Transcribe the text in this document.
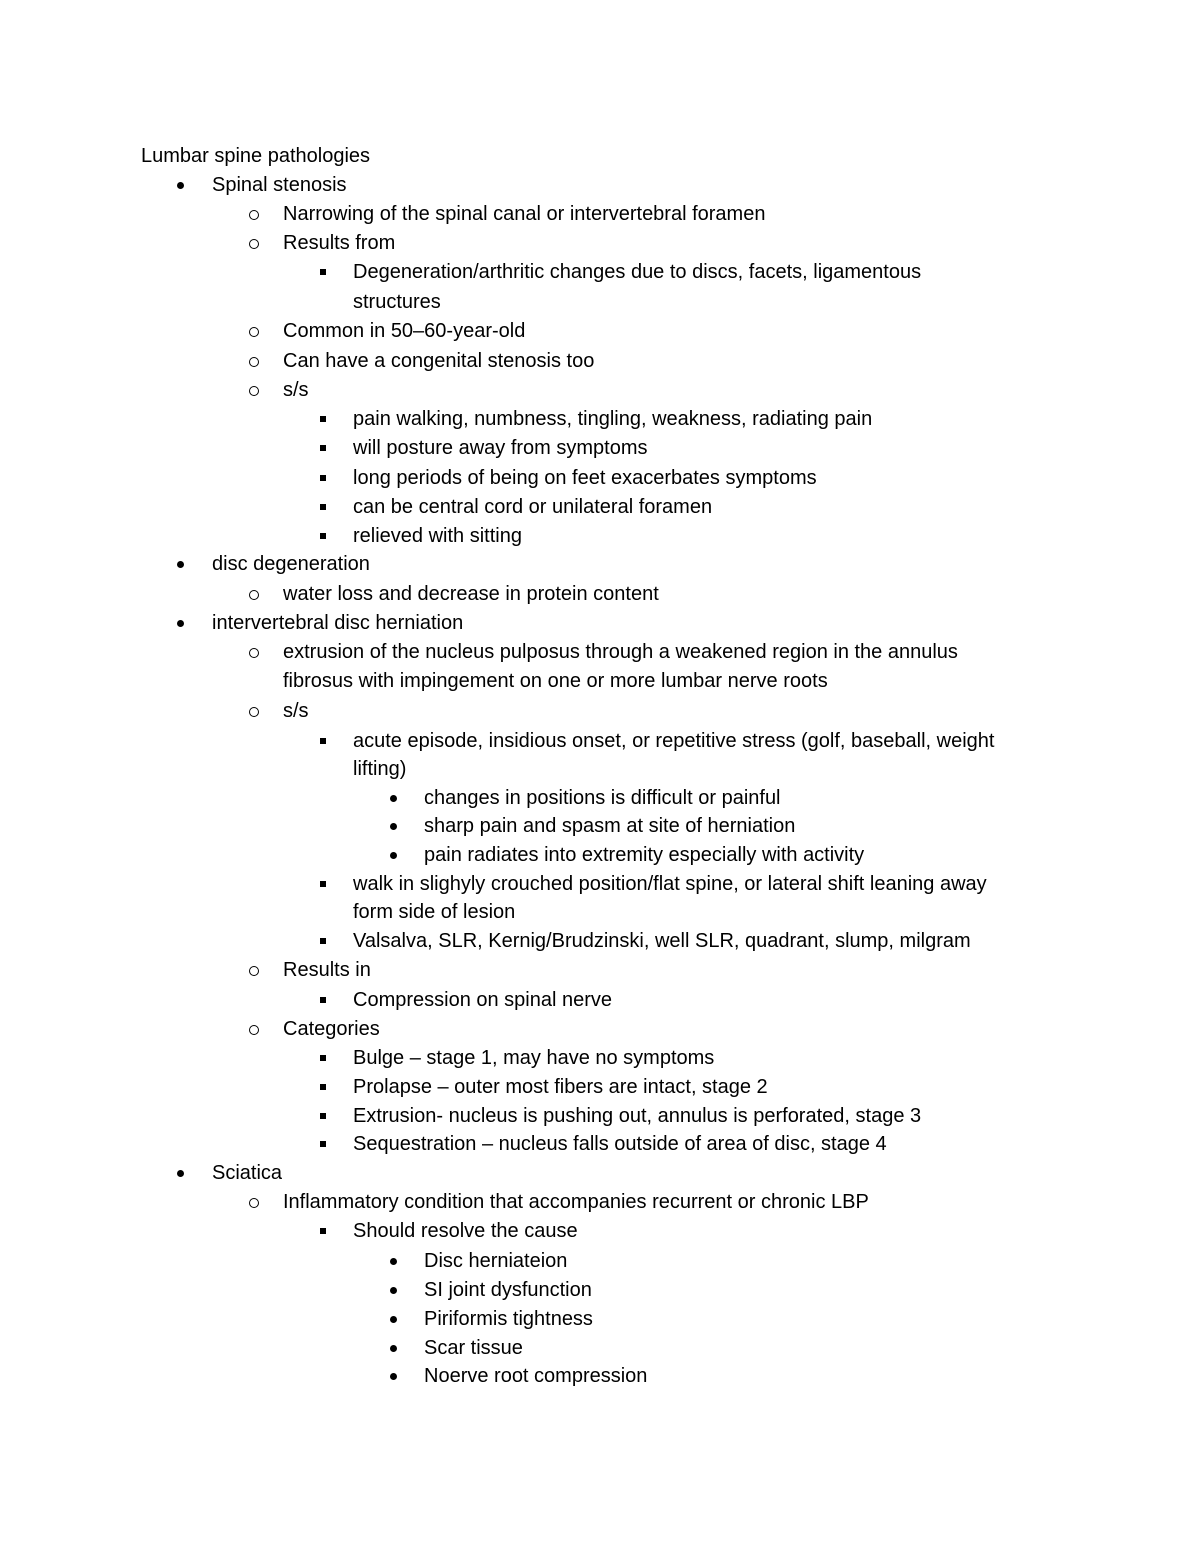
Lumbar spine pathologies
Spinal stenosis
Narrowing of the spinal canal or intervertebral foramen
Results from
Degeneration/arthritic changes due to discs, facets, ligamentous
structures
Common in 50–60-year-old
Can have a congenital stenosis too
s/s
pain walking, numbness, tingling, weakness, radiating pain
will posture away from symptoms
long periods of being on feet exacerbates symptoms
can be central cord or unilateral foramen
relieved with sitting
disc degeneration
water loss and decrease in protein content
intervertebral disc herniation
extrusion of the nucleus pulposus through a weakened region in the annulus
fibrosus with impingement on one or more lumbar nerve roots
s/s
acute episode, insidious onset, or repetitive stress (golf, baseball, weight
lifting)
changes in positions is difficult or painful
sharp pain and spasm at site of herniation
pain radiates into extremity especially with activity
walk in slighyly crouched position/flat spine, or lateral shift leaning away
form side of lesion
Valsalva, SLR, Kernig/Brudzinski, well SLR, quadrant, slump, milgram
Results in
Compression on spinal nerve
Categories
Bulge – stage 1, may have no symptoms
Prolapse – outer most fibers are intact, stage 2
Extrusion- nucleus is pushing out, annulus is perforated, stage 3
Sequestration – nucleus falls outside of area of disc, stage 4
Sciatica
Inflammatory condition that accompanies recurrent or chronic LBP
Should resolve the cause
Disc herniateion
SI joint dysfunction
Piriformis tightness
Scar tissue
Noerve root compression
